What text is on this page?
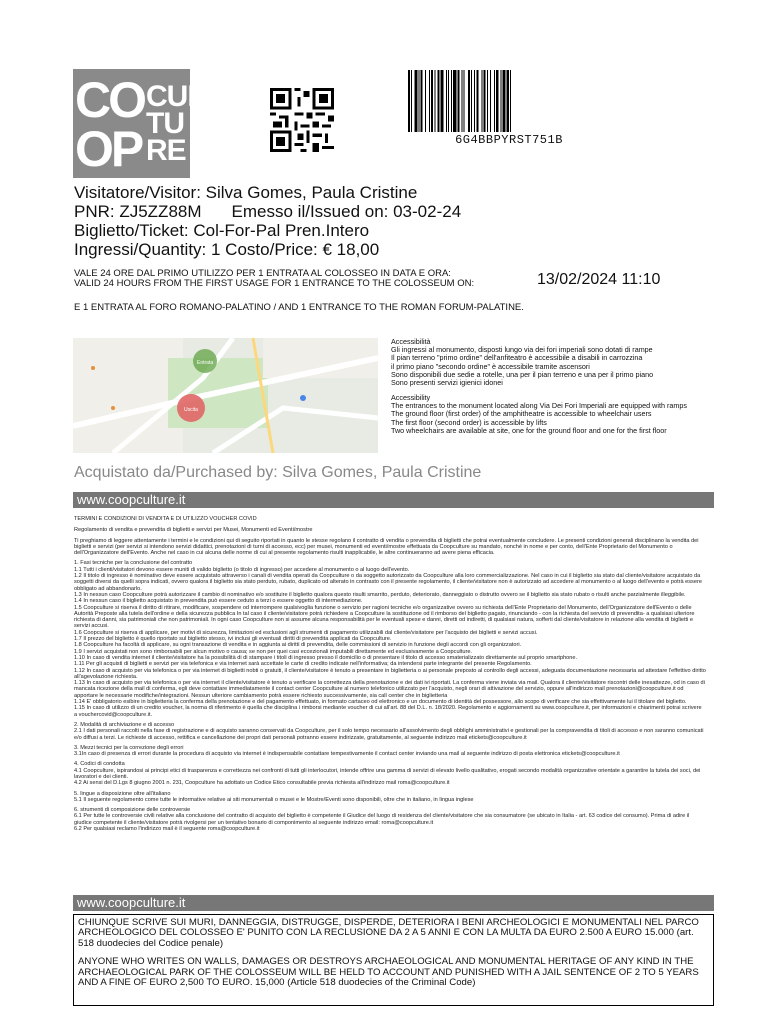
CO
OP
CUL
TU
RE	6G4BBPYRST751B
Visitatore/Visitor: Silva Gomes, Paula Cristine
PNR: ZJ5ZZ88M Emesso il/Issued on: 03-02-24
Biglietto/Ticket: Col-For-Pal Pren.Intero
Ingressi/Quantity: 1 Costo/Price: € 18,00
VALE 24 ORE DAL PRIMO UTILIZZO PER 1 ENTRATA AL COLOSSEO IN DATA E ORA:
VALID 24 HOURS FROM THE FIRST USAGE FOR 1 ENTRANCE TO THE COLOSSEUM ON:	13/02/2024 11:10
E 1 ENTRATA AL FORO ROMANO-PALATINO / AND 1 ENTRANCE TO THE ROMAN FORUM-PALATINE.
Entrata
Uscita
Accessibilità
Gli ingressi al monumento, disposti lungo via dei fori imperiali sono dotati di rampe
Il pian terreno "primo ordine" dell'anfiteatro è accessibile a disabili in carrozzina
il primo piano "secondo ordine" è accessibile tramite ascensori
Sono disponibili due sedie a rotelle, una per il pian terreno e una per il primo piano
Sono presenti servizi igienici idonei
Accessibility
The entrances to the monument located along Via Dei Fori Imperiali are equipped with ramps
The ground floor (first order) of the amphitheatre is accessible to wheelchair users
The first floor (second order) is accessible by lifts
Two wheelchairs are available at site, one for the ground floor and one for the first floor
Acquistato da/Purchased by: Silva Gomes, Paula Cristine
www.coopculture.it

TERMINI E CONDIZIONI DI VENDITA E DI UTILIZZO VOUCHER COVID

Regolamento di vendita e prevendita di biglietti e servizi per Musei, Monumenti ed Eventi/mostre

Ti preghiamo di leggere attentamente i termini e le condizioni qui di seguito riportati in quanto le stesse regolano il contratto di vendita o prevendita di biglietti che potrai eventualmente concludere. Le presenti condizioni generali disciplinano la vendita dei biglietti e servizi (per servizi si intendono servizi didattici, prenotazioni di turni di accesso, ecc) per musei, monumenti ed eventi/mostre effettuata da Coopculture su mandato, nonché in nome e per conto, dell'Ente Proprietario del Monumento o dell'Organizzatore dell'Evento. Anche nel caso in cui alcuna delle norme di cui al presente regolamento risulti inapplicabile, le altre continueranno ad avere piena efficacia.

1. Fasi tecniche per la conclusione del contratto
1.1 Tutti i clienti/visitatori devono essere muniti di valido biglietto (o titolo di ingresso) per accedere al monumento o al luogo dell'evento.
1.2 Il titolo di ingresso è nominativo deve essere acquistato attraverso i canali di vendita operati da Coopculture o da soggetto autorizzato da Coopculture alla loro commercializzazione. Nel caso in cui il biglietto sia stato dal cliente/visitatore acquistato da soggetti diversi da quelli sopra indicati, ovvero qualora il biglietto sia stato perduto, rubato, duplicato od alterato in contrasto con il presente regolamento, il cliente/visitatore non è autorizzato ad accedere al monumento o al luogo dell'evento e potrà essere obbligato ad abbandonarlo.
1.3 In nessun caso Coopculture potrà autorizzare il cambio di nominativo e/o sostituire il biglietto qualora questo risulti smarrito, perduto, deteriorato, danneggiato o distrutto ovvero se il biglietto sia stato rubato o risulti anche parzialmente illeggibile.
1.4 In nessun caso il biglietto acquistato in prevendita può essere ceduto a terzi o essere oggetto di intermediazione.
1.5 Coopculture si riserva il diritto di ritirare, modificare, sospendere od interrompere qualsivoglia funzione o servizio per ragioni tecniche e/o organizzative ovvero su richiesta dell'Ente Proprietario del Monumento, dell'Organizzatore dell'Evento o delle Autorità Preposte alla tutela dell'ordine e della sicurezza pubblica In tal caso il cliente/visitatore potrà richiedere a Coopculture la sostituzione od il rimborso del biglietto pagato, rinunciando - con la richiesta del servizio di prevendita- a qualsiasi ulteriore richiesta di danni, sia patrimoniali che non patrimoniali. In ogni caso Coopculture non si assume alcuna responsabilità per le eventuali spese e danni, diretti od indiretti, di qualsiasi natura, sofferti dal cliente/visitatore in relazione alla vendita di biglietti e servizi accusi.
1.6 Coopculture si riserva di applicare, per motivi di sicurezza, limitazioni ed esclusioni agli strumenti di pagamento utilizzabili dal cliente/visitatore per l'acquisto dei biglietti e servizi accusi.
1.7 Il prezzo del biglietto è quello riportato sul biglietto stesso, ivi inclusi gli eventuali diritti di prevendita applicati da Coopculture.
1.8 Coopculture ha facoltà di applicare, su ogni transazione di vendita e in aggiunta ai diritti di prevendita, delle commissioni di servizio in funzione degli accordi con gli organizzatori.
1.9 I servizi acquistati non sono rimborsabili per alcun motivo o causa; se non per quei casi eccezionali imputabili direttamente ed esclusivamente a Coopculture.
1.10 In caso di vendita internet il cliente/visitatore ha la possibilità di di stampare i titoli di ingresso presso il domicilio o di presentare il titolo di accesso smaterializzato direttamente sul proprio smartphone.
1.11 Per gli acquisti di biglietti e servizi per via telefonica e via internet sarà accettate le carte di credito indicate nell'informativa; da intendersi parte integrante del presente Regolamento.
1.12 In caso di acquisto per via telefonica o per via internet di biglietti nobti o gratuiti, il cliente/visitatore è tenuto a presentare in biglietteria o ai personale preposto al controllo degli accessi, adeguata documentazione necessaria ad attestare l'effettivo diritto all'agevolazione richiesta.
1.13 In caso di acquisto per via telefonica o per via internet il cliente/visitatore è tenuto a verificare la correttezza della prenotazione e dei dati ivi riportati. La conferma viene inviata via mail. Qualora il cliente/visitatore riscontri delle inesattezze, od in caso di mancata ricezione della mail di conferma, egli deve contattare immediatamente il contact center Coopculture al numero telefonico utilizzato per l'acquisto, negli orari di attivazione del servizio, oppure all'indirizzo mail prenotazioni@coopculture.it od apportare le necessarie modifiche/integrazioni. Nessun ulteriore cambiamento potrà essere richiesto successivamente, sia call center che in biglietteria
1.14 E' obbligatorio esibire in biglietteria la conferma della prenotazione e del pagamento effettuato, in formato cartaceo od elettronico e un documento di identità del possessore, allo scopo di verificare che sia effettivamente lui il titolare del biglietto.
1.15 In caso di utilizzo di un credito voucher, la norma di riferimento è quella che disciplina i rimborsi mediante voucher di cui all'art. 88 del D.L. n. 18/2020. Regolamento e aggiornamenti su www.coopculture.it, per informazioni e chiarimenti potrai scrivere a vouchercovid@coopculture.it.

2. Modalità di archiviazione e di accesso
2.1 I dati personali raccolti nella fase di registrazione e di acquisto saranno conservati da Coopculture, per il solo tempo necessario all'assolvimento degli obblighi amministrativi e gestionali per la compravendita di titoli di accesso e non saranno comunicati e/o diffusi a terzi. Le richieste di accesso, rettifica e cancellazione dei propri dati personali potranno essere indirizzate, gratuitamente, al seguente indirizzo mail etickets@coopculture.it

3. Mezzi tecnici per la correzione degli errori
3.1In caso di presenza di errori durante la procedura di acquisto via internet è indispensabile contattare tempestivamente il contact center inviando una mail al seguente indirizzo di posta elettronica etickets@coopculture.it

4. Codici di condotta
4.1 Coopculture, ispirandosi ai principi etici di trasparenza e correttezza nei confronti di tutti gli interlocutori, intende offrire una gamma di servizi di elevato livello qualitativo, erogati secondo modalità organizzative orientate a garantire la tutela dei soci, dei lavoratori e dei clienti.
4.2 Ai sensi del D.Lgs 8 giugno 2001 n. 231, Coopculture ha adottato un Codice Etico consultabile previa richiesta all'indirizzo mail roma@coopculture.it

5. lingue a disposizione oltre all'italiano
5.1 Il seguente regolamento come tutte le informative relative ai siti monumentali o musei e le Mostre/Eventi sono disponibili, oltre che in italiano, in lingua inglese

6. strumenti di composizione delle controversie
6.1 Per tutte le controversie civili relative alla conclusione del contratto di acquisto del biglietto è competente il Giudice del luogo di residenza del cliente/visitatore che sia consumatore (se ubicato in Italia - art. 63 codice del consumo). Prima di adire il giudice competente il cliente/visitatore potrà rivolgersi per un tentativo bonario di componimento al seguente indirizzo email: roma@coopculture.it
6.2 Per qualsiasi reclamo l'indirizzo mail è il seguente roma@coopculture.it

www.coopculture.it

CHIUNQUE SCRIVE SUI MURI, DANNEGGIA, DISTRUGGE, DISPERDE, DETERIORA I BENI ARCHEOLOGICI E MONUMENTALI NEL PARCO ARCHEOLOGICO DEL COLOSSEO E' PUNITO CON LA RECLUSIONE DA 2 A 5 ANNI E CON LA MULTA DA EURO 2.500 A EURO 15.000 (art. 518 duodecies del Codice penale)

ANYONE WHO WRITES ON WALLS, DAMAGES OR DESTROYS ARCHAEOLOGICAL AND MONUMENTAL HERITAGE OF ANY KIND IN THE ARCHAEOLOGICAL PARK OF THE COLOSSEUM WILL BE HELD TO ACCOUNT AND PUNISHED WITH A JAIL SENTENCE OF 2 TO 5 YEARS AND A FINE OF EURO 2,500 TO EURO. 15,000 (Article 518 duodecies of the Criminal Code)
